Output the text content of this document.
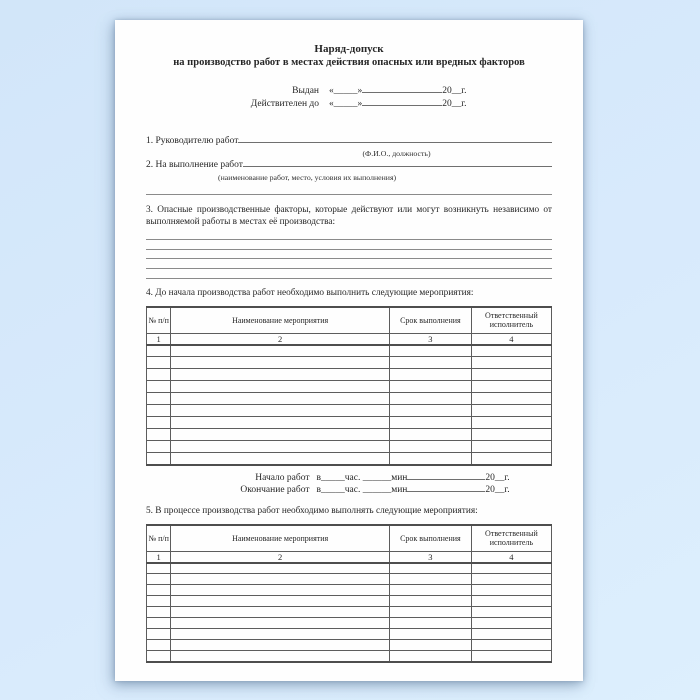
Наряд-допуск
на производство работ в местах действия опасных или вредных факторов
Выдан	«_____»	20__г.
Действителен до	«_____»	20__г.
1. Руководителю работ
(Ф.И.О., должность)
2. На выполнение работ
(наименование работ, место, условия их выполнения)

3. Опасные производственные факторы, которые действуют или могут возникнуть независимо от выполняемой работы в местах её производства:

4. До начала производства работ необходимо выполнить следующие мероприятия:

№ п/п	Наименование мероприятия	Срок выполнения	Ответственный исполнитель
1	2	3	4

Начало работ в_____час. ______мин	20__г.
Окончание работ в_____час. ______мин	20__г.

5. В процессе производства работ необходимо выполнять следующие мероприятия:

№ п/п	Наименование мероприятия	Срок выполнения	Ответственный исполнитель
1	2	3	4
